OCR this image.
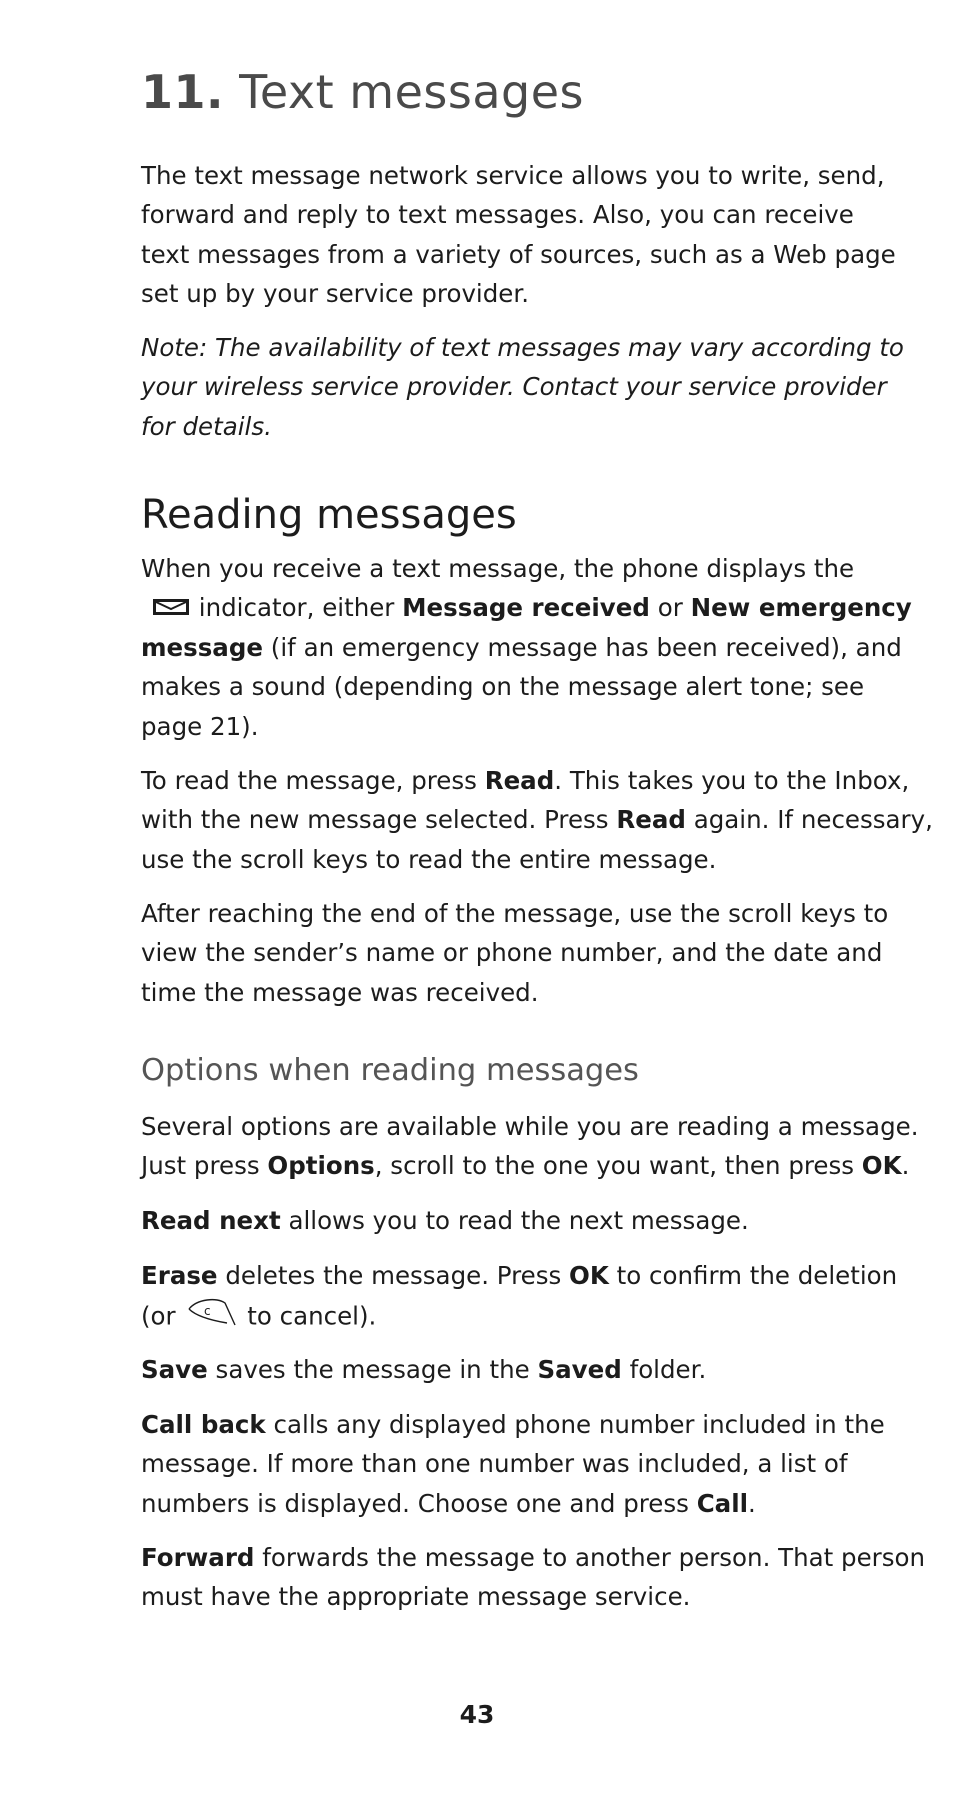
11. Text messages
The text message network service allows you to write, send,
forward and reply to text messages. Also, you can receive
text messages from a variety of sources, such as a Web page
set up by your service provider.
Note: The availability of text messages may vary according to
your wireless service provider. Contact your service provider
for details.
Reading messages
When you receive a text message, the phone displays the
indicator, either Message received or New emergency
message (if an emergency message has been received), and
makes a sound (depending on the message alert tone; see
page 21).
To read the message, press Read. This takes you to the Inbox,
with the new message selected. Press Read again. If necessary,
use the scroll keys to read the entire message.
After reaching the end of the message, use the scroll keys to
view the sender’s name or phone number, and the date and
time the message was received.
Options when reading messages
Several options are available while you are reading a message.
Just press Options, scroll to the one you want, then press OK.
Read next allows you to read the next message.
Erase deletes the message. Press OK to confirm the deletion
(or c to cancel).
Save saves the message in the Saved folder.
Call back calls any displayed phone number included in the
message. If more than one number was included, a list of
numbers is displayed. Choose one and press Call.
Forward forwards the message to another person. That person
must have the appropriate message service.
43
